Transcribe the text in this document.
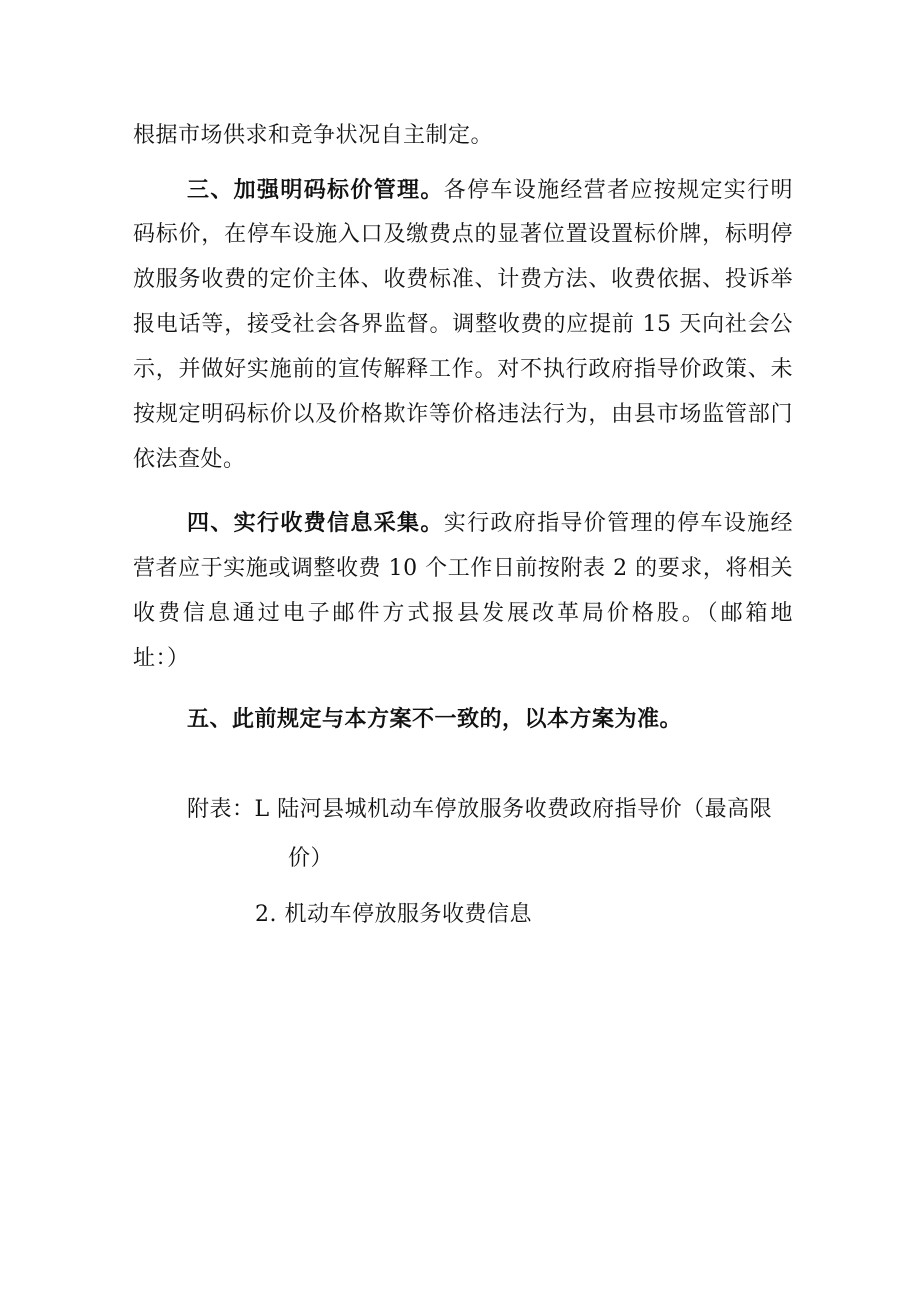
根据市场供求和竞争状况自主制定。
三、加强明码标价管理。各停车设施经营者应按规定实行明
码标价，在停车设施入口及缴费点的显著位置设置标价牌，标明停
放服务收费的定价主体、收费标准、计费方法、收费依据、投诉举
报电话等，接受社会各界监督。调整收费的应提前 15 天向社会公
示，并做好实施前的宣传解释工作。对不执行政府指导价政策、未
按规定明码标价以及价格欺诈等价格违法行为，由县市场监管部门
依法查处。
四、实行收费信息采集。实行政府指导价管理的停车设施经
营者应于实施或调整收费 10 个工作日前按附表 2 的要求，将相关
收费信息通过电子邮件方式报县发展改革局价格股。（邮箱地
址：）
五、此前规定与本方案不一致的，以本方案为准。
附表：L 陆河县城机动车停放服务收费政府指导价（最高限
价）
2. 机动车停放服务收费信息
